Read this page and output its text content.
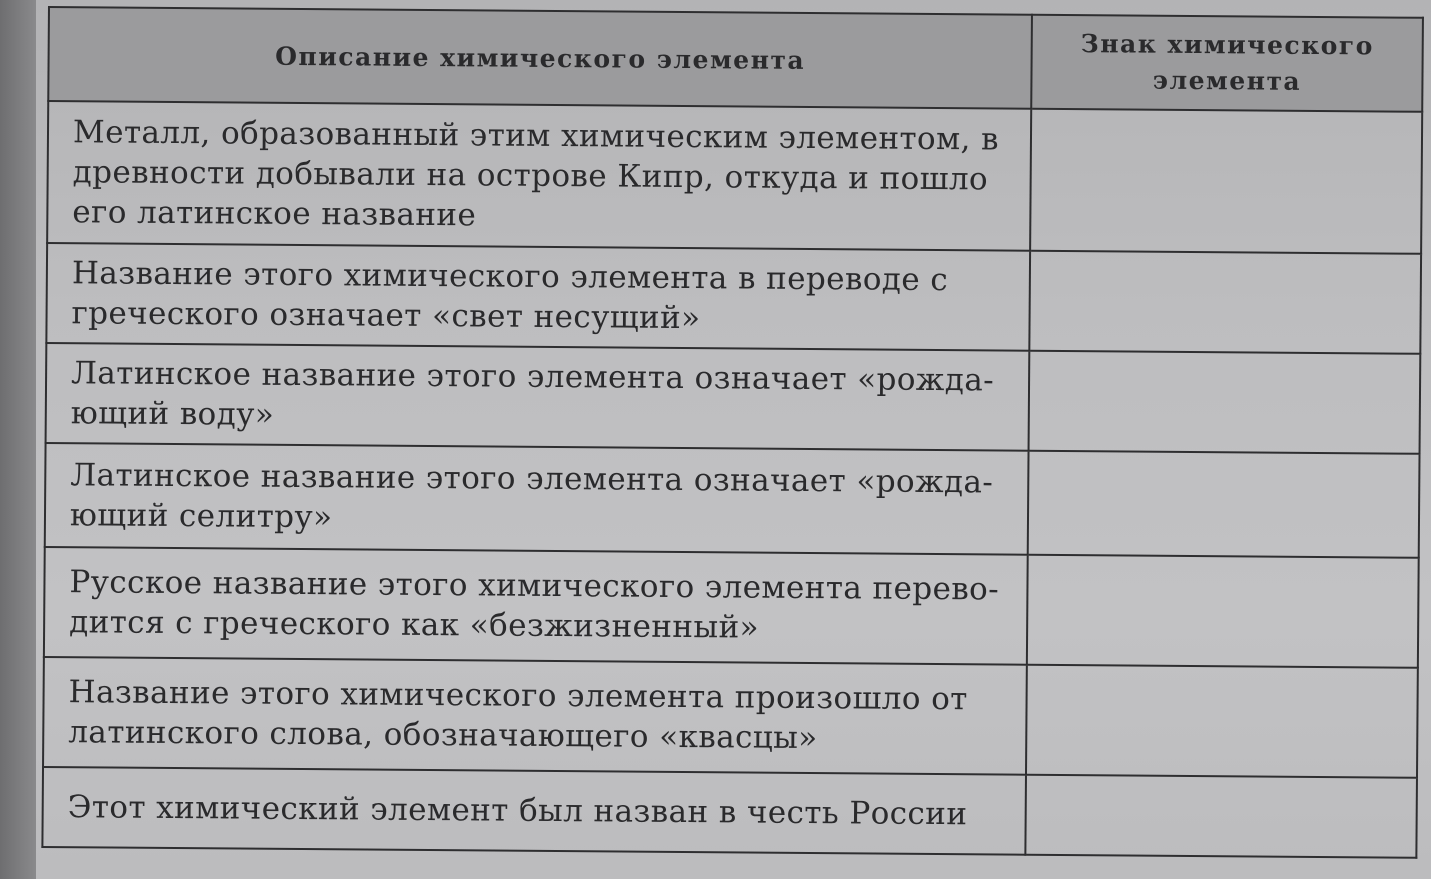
Описание химического элемента	Знак химического
элемента
Металл, образованный этим химическим элементом, в древности добывали на острове Кипр, откуда и пошло его латинское название	
Название этого химического элемента в переводе с греческого означает «свет несущий»	
Латинское название этого элемента означает «рожда-ющий воду»	
Латинское название этого элемента означает «рожда-ющий селитру»	
Русское название этого химического элемента перево-дится с греческого как «безжизненный»	
Название этого химического элемента произошло от латинского слова, обозначающего «квасцы»	
Этот химический элемент был назван в честь России	
